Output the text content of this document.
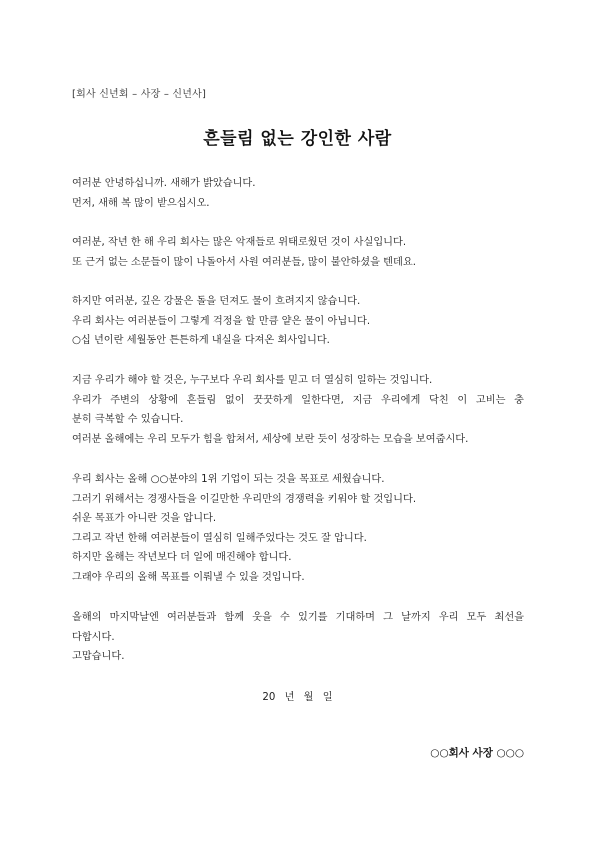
[회사 신년회 – 사장 – 신년사]
흔들림 없는 강인한 사람
여러분 안녕하십니까. 새해가 밝았습니다.
먼저, 새해 복 많이 받으십시오.
여러분, 작년 한 해 우리 회사는 많은 악재들로 위태로웠던 것이 사실입니다.
또 근거 없는 소문들이 많이 나돌아서 사원 여러분들, 많이 불안하셨을 텐데요.
하지만 여러분, 깊은 강물은 돌을 던져도 물이 흐려지지 않습니다.
우리 회사는 여러분들이 그렇게 걱정을 할 만큼 얕은 물이 아닙니다.
○십 년이란 세월동안 튼튼하게 내실을 다져온 회사입니다.
지금 우리가 해야 할 것은, 누구보다 우리 회사를 믿고 더 열심히 일하는 것입니다.
우리가 주변의 상황에 흔들림 없이 꿋꿋하게 일한다면, 지금 우리에게 닥친 이 고비는 충
분히 극복할 수 있습니다.
여러분 올해에는 우리 모두가 힘을 합쳐서, 세상에 보란 듯이 성장하는 모습을 보여줍시다.
우리 회사는 올해 ○○분야의 1위 기업이 되는 것을 목표로 세웠습니다.
그러기 위해서는 경쟁사들을 이길만한 우리만의 경쟁력을 키워야 할 것입니다.
쉬운 목표가 아니란 것을 압니다.
그리고 작년 한해 여러분들이 열심히 일해주었다는 것도 잘 압니다.
하지만 올해는 작년보다 더 일에 매진해야 합니다.
그래야 우리의 올해 목표를 이뤄낼 수 있을 것입니다.
올해의 마지막날엔 여러분들과 함께 웃을 수 있기를 기대하며 그 날까지 우리 모두 최선을
다합시다.
고맙습니다.
20 년 월 일
○○회사 사장 ○○○
